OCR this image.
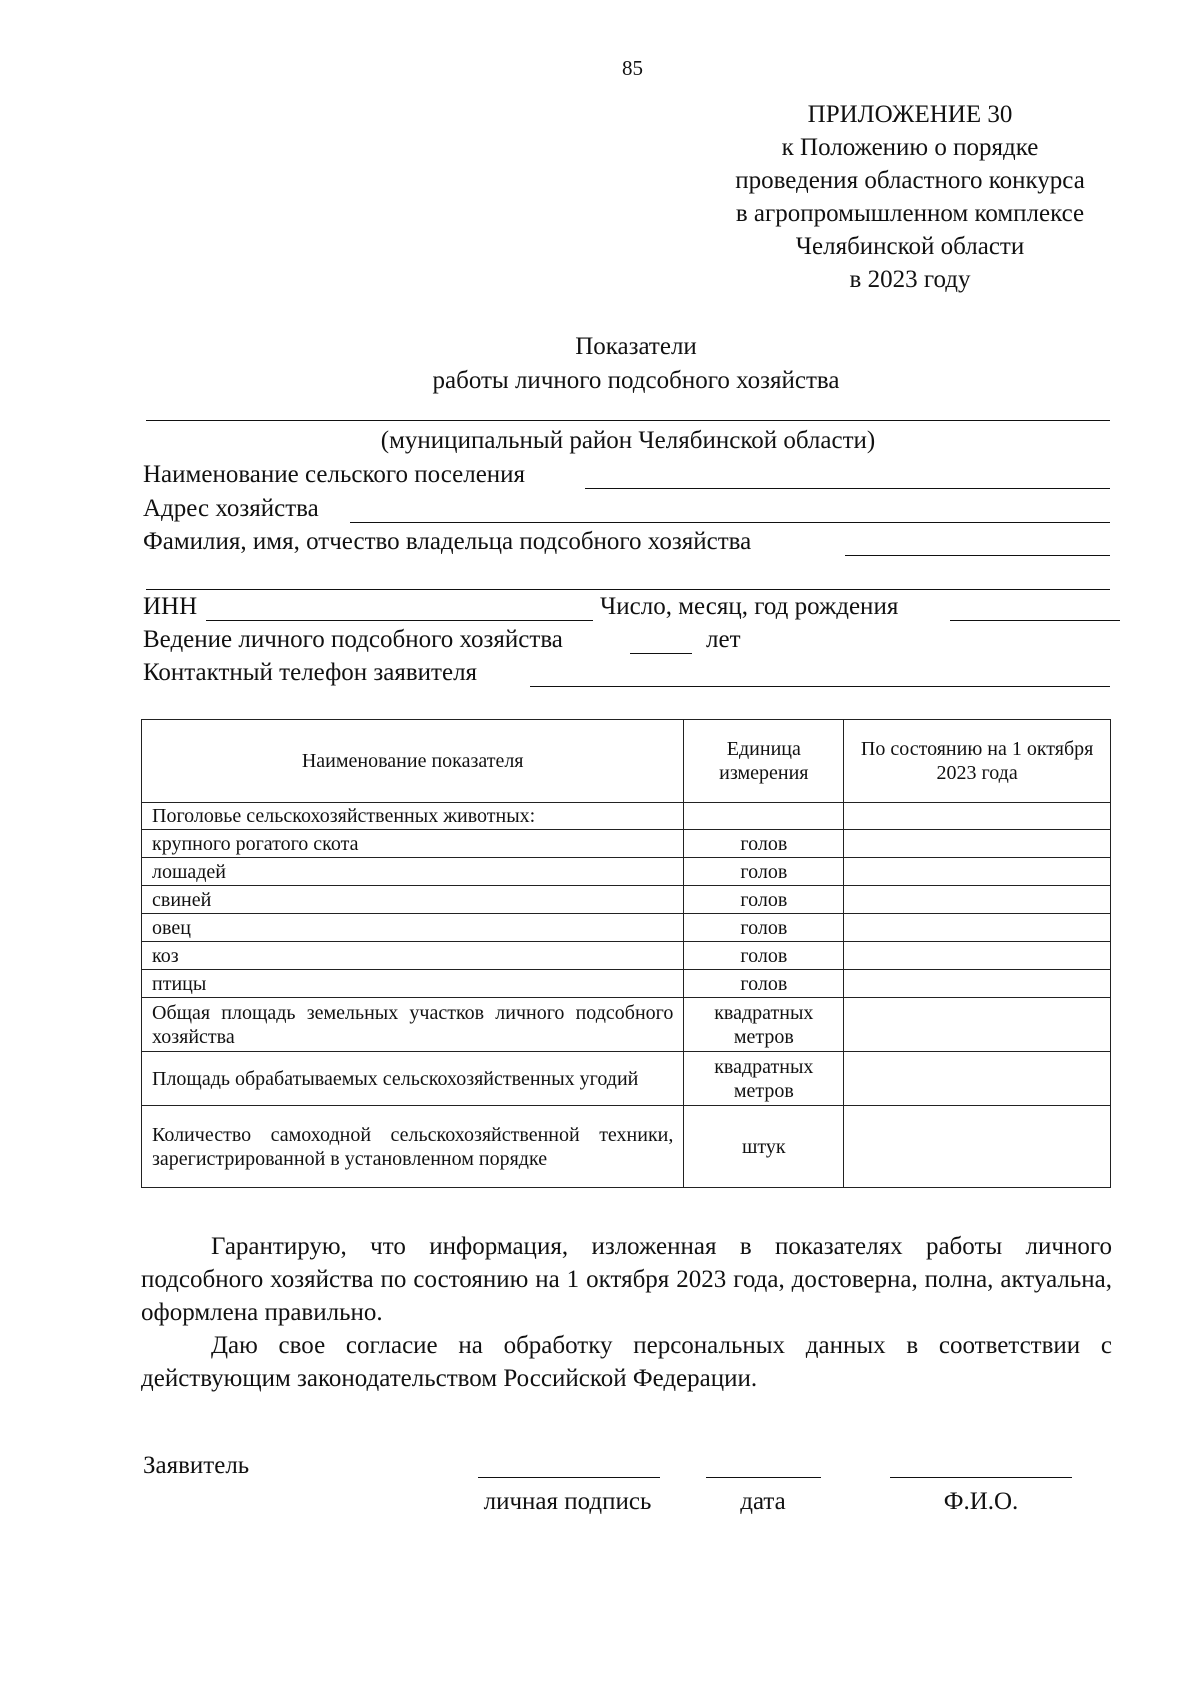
85
ПРИЛОЖЕНИЕ 30
к Положению о порядке
проведения областного конкурса
в агропромышленном комплексе
Челябинской области
в 2023 году
Показатели
работы личного подсобного хозяйства
(муниципальный район Челябинской области)
Наименование сельского поселения
Адрес хозяйства
Фамилия, имя, отчество владельца подсобного хозяйства
ИНН	Число, месяц, год рождения
Ведение личного подсобного хозяйства	лет
Контактный телефон заявителя
Наименование показателя	Единица измерения	По состоянию на 1 октября 2023 года
Поголовье сельскохозяйственных животных:		
крупного рогатого скота	голов	
лошадей	голов	
свиней	голов	
овец	голов	
коз	голов	
птицы	голов	
Общая площадь земельных участков личного подсобного хозяйства	квадратных метров	
Площадь обрабатываемых сельскохозяйственных угодий	квадратных метров	
Количество самоходной сельскохозяйственной техники, зарегистрированной в установленном порядке	штук	

Гарантирую, что информация, изложенная в показателях работы личного подсобного хозяйства по состоянию на 1 октября 2023 года, достоверна, полна, актуальна, оформлена правильно.

Даю свое согласие на обработку персональных данных в соответствии с действующим законодательством Российской Федерации.

Заявитель
личная подпись	дата	Ф.И.О.
